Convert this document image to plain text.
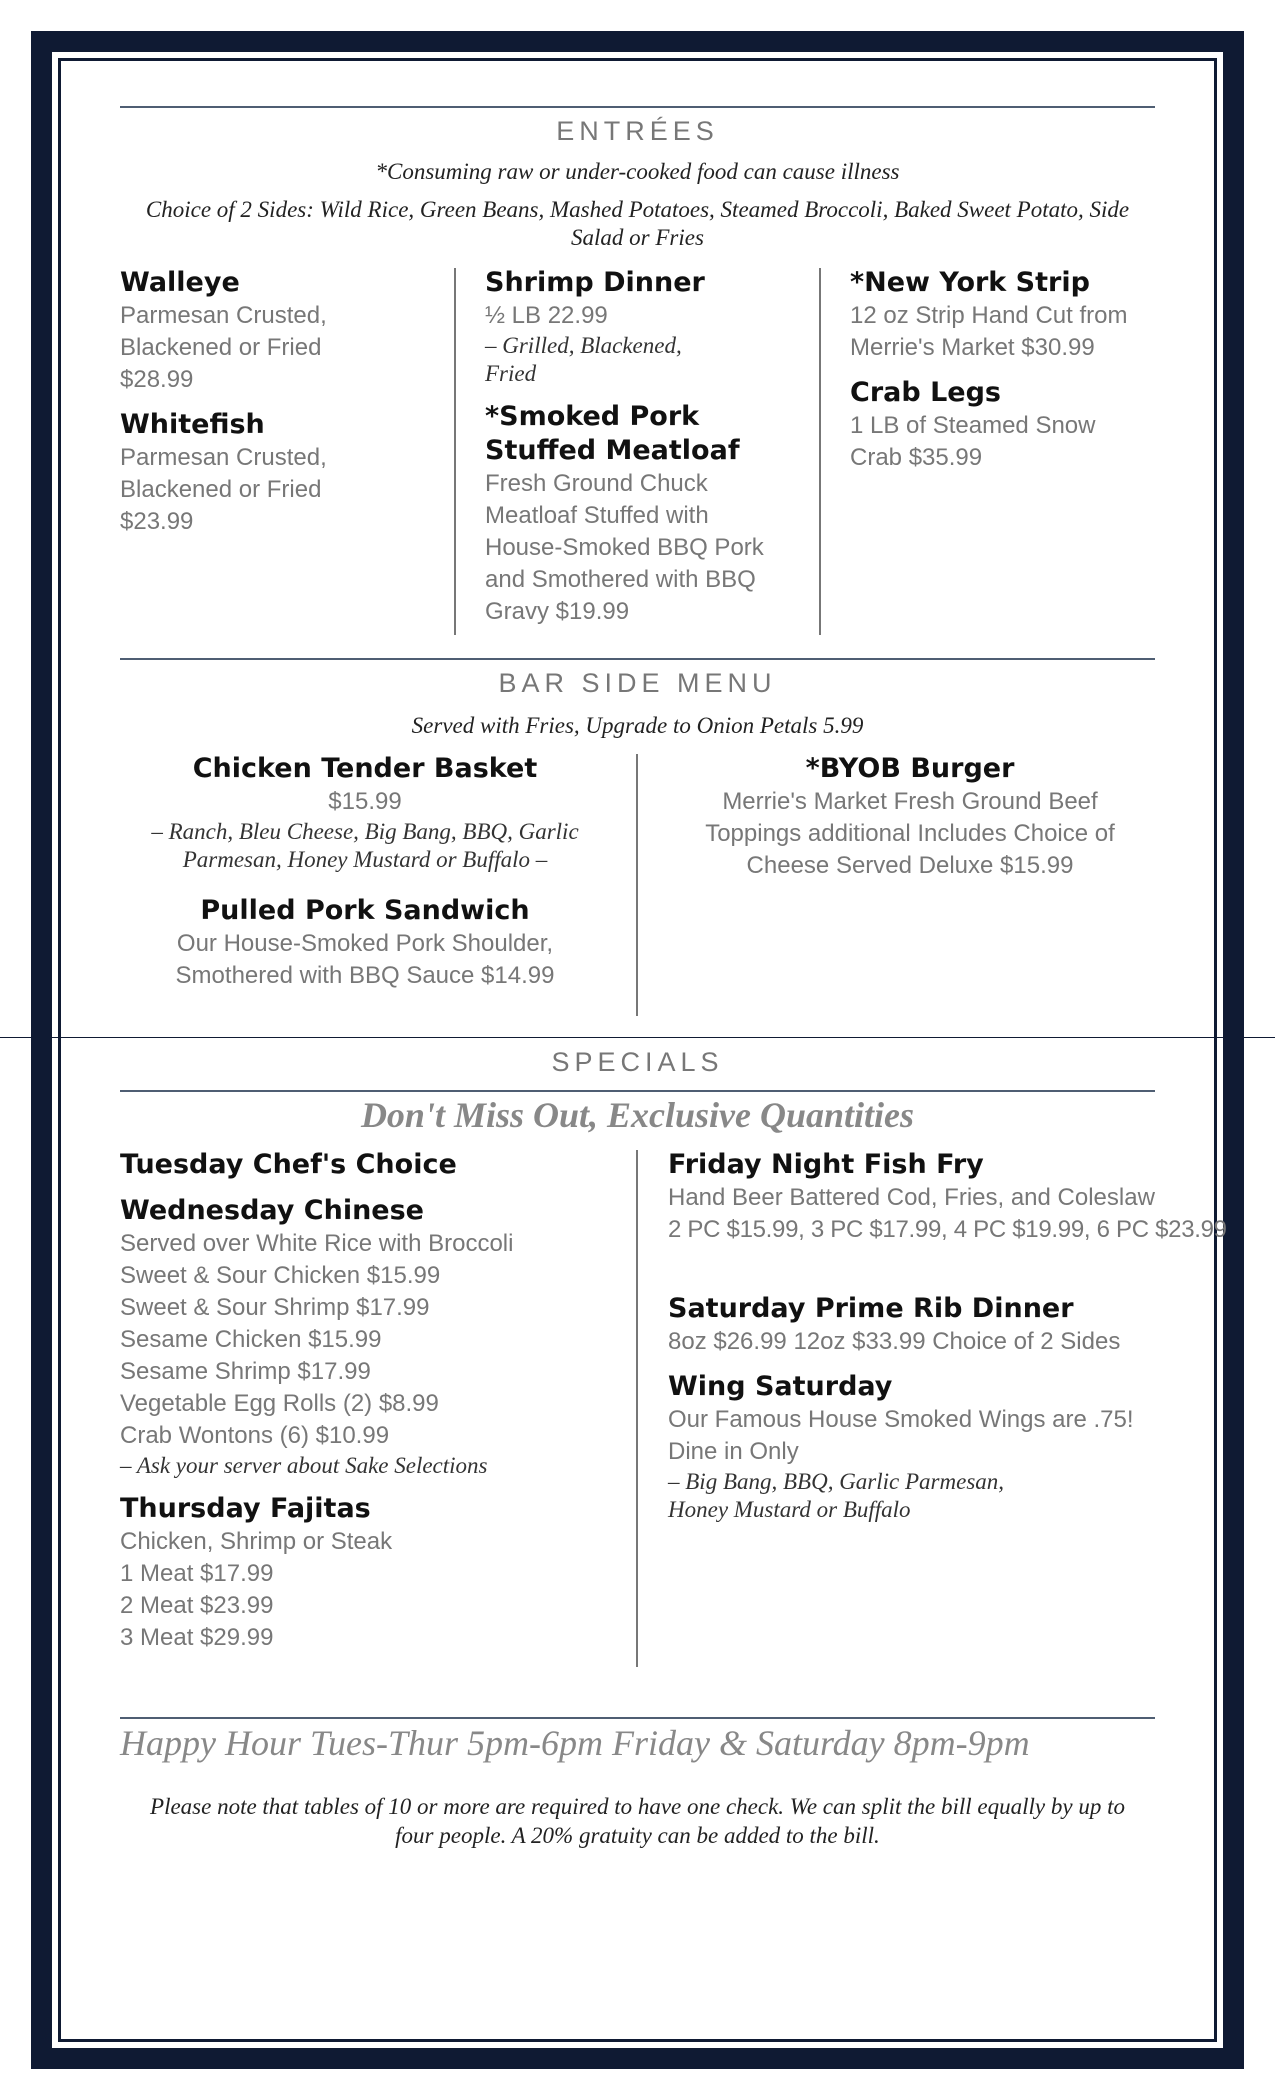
ENTRÉES
*Consuming raw or under-cooked food can cause illness
Choice of 2 Sides: Wild Rice, Green Beans, Mashed Potatoes, Steamed Broccoli, Baked Sweet Potato, Side Salad or Fries

Walleye

Parmesan Crusted, Blackened or Fried $28.99

Whitefish

Parmesan Crusted, Blackened or Fried $23.99

Shrimp Dinner

½ LB 22.99

– Grilled, Blackened, Fried

*Smoked Pork Stuffed Meatloaf

Fresh Ground Chuck Meatloaf Stuffed with House-Smoked BBQ Pork and Smothered with BBQ Gravy $19.99

*New York Strip

12 oz Strip Hand Cut from Merrie's Market $30.99

Crab Legs

1 LB of Steamed Snow Crab $35.99

BAR SIDE MENU
Served with Fries, Upgrade to Onion Petals 5.99

Chicken Tender Basket

$15.99

– Ranch, Bleu Cheese, Big Bang, BBQ, Garlic Parmesan, Honey Mustard or Buffalo –

Pulled Pork Sandwich

Our House-Smoked Pork Shoulder, Smothered with BBQ Sauce $14.99

*BYOB Burger

Merrie's Market Fresh Ground Beef Toppings additional Includes Choice of Cheese Served Deluxe $15.99

SPECIALS
Don't Miss Out, Exclusive Quantities

Tuesday Chef's Choice

Wednesday Chinese

Served over White Rice with Broccoli

Sweet & Sour Chicken $15.99

Sweet & Sour Shrimp $17.99

Sesame Chicken $15.99

Sesame Shrimp $17.99

Vegetable Egg Rolls (2) $8.99

Crab Wontons (6) $10.99

– Ask your server about Sake Selections

Thursday Fajitas

Chicken, Shrimp or Steak

1 Meat $17.99

2 Meat $23.99

3 Meat $29.99

Friday Night Fish Fry

Hand Beer Battered Cod, Fries, and Coleslaw

2 PC $15.99, 3 PC $17.99, 4 PC $19.99, 6 PC $23.99

Saturday Prime Rib Dinner

8oz $26.99 12oz $33.99 Choice of 2 Sides

Wing Saturday

Our Famous House Smoked Wings are .75!

Dine in Only

– Big Bang, BBQ, Garlic Parmesan, Honey Mustard or Buffalo

Happy Hour Tues-Thur 5pm-6pm Friday & Saturday 8pm-9pm
Please note that tables of 10 or more are required to have one check. We can split the bill equally by up to four people. A 20% gratuity can be added to the bill.
